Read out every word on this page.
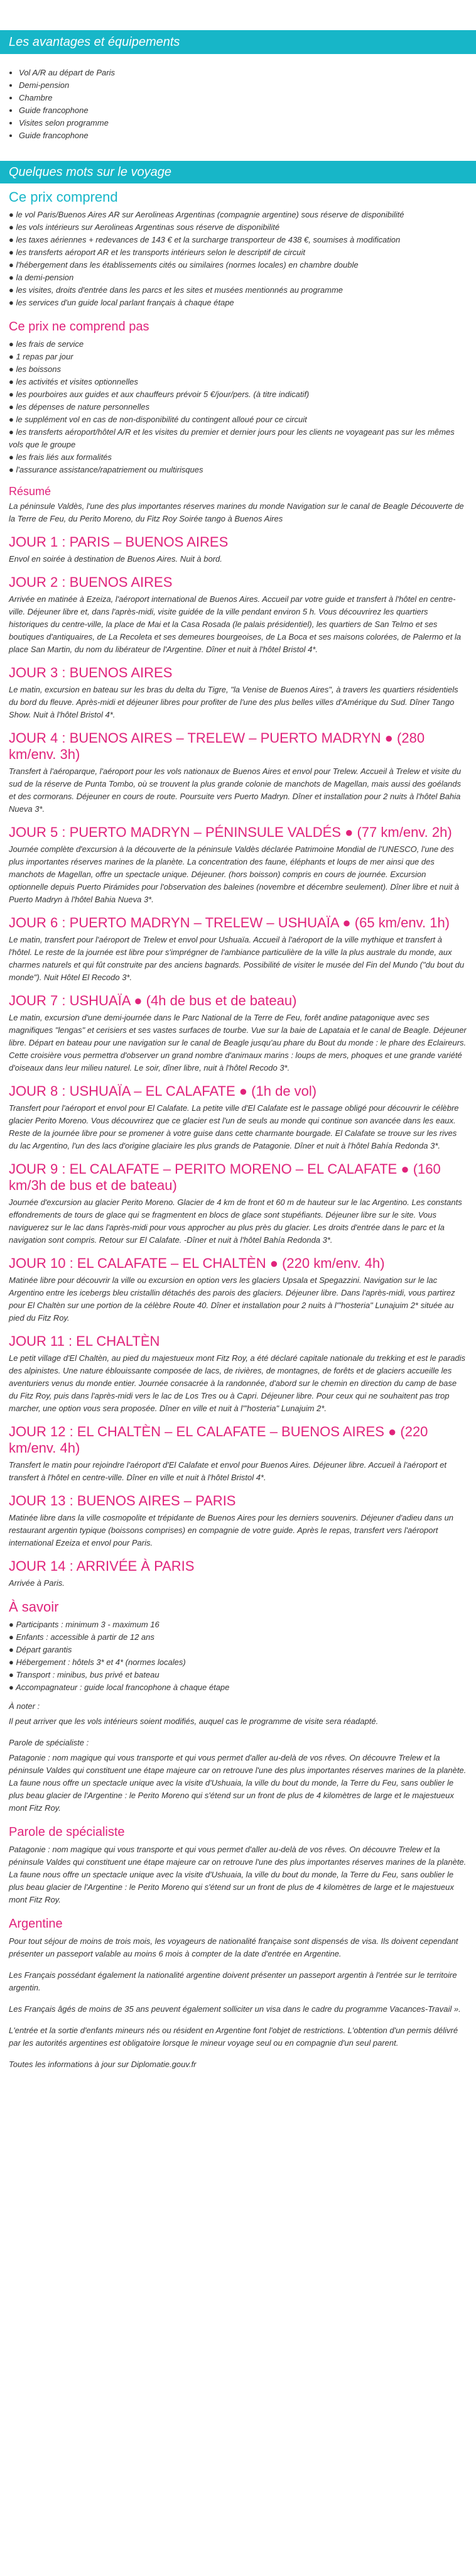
Les avantages et équipements
• Vol A/R au départ de Paris
• Demi-pension
• Chambre
• Guide francophone
• Visites selon programme
• Guide francophone
Quelques mots sur le voyage
Ce prix comprend
● le vol Paris/Buenos Aires AR sur Aerolineas Argentinas (compagnie argentine) sous réserve de disponibilité
● les vols intérieurs sur Aerolineas Argentinas sous réserve de disponibilité
● les taxes aériennes + redevances de 143 € et la surcharge transporteur de 438 €, soumises à modification
● les transferts aéroport AR et les transports intérieurs selon le descriptif de circuit
● l'hébergement dans les établissements cités ou similaires (normes locales) en chambre double
● la demi-pension
● les visites, droits d'entrée dans les parcs et les sites et musées mentionnés au programme
● les services d'un guide local parlant français à chaque étape
Ce prix ne comprend pas
● les frais de service
● 1 repas par jour
● les boissons
● les activités et visites optionnelles
● les pourboires aux guides et aux chauffeurs prévoir 5 €/jour/pers. (à titre indicatif)
● les dépenses de nature personnelles
● le supplément vol en cas de non-disponibilité du contingent alloué pour ce circuit
● les transferts aéroport/hôtel A/R et les visites du premier et dernier jours pour les clients ne voyageant pas sur les mêmes vols que le groupe
● les frais liés aux formalités
● l'assurance assistance/rapatriement ou multirisques
Résumé

La péninsule Valdès, l'une des plus importantes réserves marines du monde Navigation sur le canal de Beagle Découverte de la Terre de Feu, du Perito Moreno, du Fitz Roy Soirée tango à Buenos Aires

JOUR 1 : PARIS – BUENOS AIRES

Envol en soirée à destination de Buenos Aires. Nuit à bord.

JOUR 2 : BUENOS AIRES

Arrivée en matinée à Ezeiza, l'aéroport international de Buenos Aires. Accueil par votre guide et transfert à l'hôtel en centre-ville. Déjeuner libre et, dans l'après-midi, visite guidée de la ville pendant environ 5 h. Vous découvrirez les quartiers historiques du centre-ville, la place de Mai et la Casa Rosada (le palais présidentiel), les quartiers de San Telmo et ses boutiques d'antiquaires, de La Recoleta et ses demeures bourgeoises, de La Boca et ses maisons colorées, de Palermo et la place San Martin, du nom du libérateur de l'Argentine. Dîner et nuit à l'hôtel Bristol 4*.

JOUR 3 : BUENOS AIRES

Le matin, excursion en bateau sur les bras du delta du Tigre, "la Venise de Buenos Aires", à travers les quartiers résidentiels du bord du fleuve. Après-midi et déjeuner libres pour profiter de l'une des plus belles villes d'Amérique du Sud. Dîner Tango Show. Nuit à l'hôtel Bristol 4*.

JOUR 4 : BUENOS AIRES – TRELEW – PUERTO MADRYN ● (280 km/env. 3h)

Transfert à l'aéroparque, l'aéroport pour les vols nationaux de Buenos Aires et envol pour Trelew. Accueil à Trelew et visite du sud de la réserve de Punta Tombo, où se trouvent la plus grande colonie de manchots de Magellan, mais aussi des goélands et des cormorans. Déjeuner en cours de route. Poursuite vers Puerto Madryn. Dîner et installation pour 2 nuits à l'hôtel Bahia Nueva 3*.

JOUR 5 : PUERTO MADRYN – PÉNINSULE VALDÉS ● (77 km/env. 2h)

Journée complète d'excursion à la découverte de la péninsule Valdès déclarée Patrimoine Mondial de l'UNESCO, l'une des plus importantes réserves marines de la planète. La concentration des faune, éléphants et loups de mer ainsi que des manchots de Magellan, offre un spectacle unique. Déjeuner. (hors boisson) compris en cours de journée. Excursion optionnelle depuis Puerto Pirámides pour l'observation des baleines (novembre et décembre seulement). Dîner libre et nuit à Puerto Madryn à l'hôtel Bahia Nueva 3*.

JOUR 6 : PUERTO MADRYN – TRELEW – USHUAÏA ● (65 km/env. 1h)

Le matin, transfert pour l'aéroport de Trelew et envol pour Ushuaïa. Accueil à l'aéroport de la ville mythique et transfert à l'hôtel. Le reste de la journée est libre pour s'imprégner de l'ambiance particulière de la ville la plus australe du monde, aux charmes naturels et qui fût construite par des anciens bagnards. Possibilité de visiter le musée del Fin del Mundo ("du bout du monde"). Nuit Hôtel El Recodo 3*.

JOUR 7 : USHUAÏA ● (4h de bus et de bateau)

Le matin, excursion d'une demi-journée dans le Parc National de la Terre de Feu, forêt andine patagonique avec ses magnifiques "lengas" et cerisiers et ses vastes surfaces de tourbe. Vue sur la baie de Lapataia et le canal de Beagle. Déjeuner libre. Départ en bateau pour une navigation sur le canal de Beagle jusqu'au phare du Bout du monde : le phare des Eclaireurs. Cette croisière vous permettra d'observer un grand nombre d'animaux marins : loups de mers, phoques et une grande variété d'oiseaux dans leur milieu naturel. Le soir, dîner libre, nuit à l'hôtel Recodo 3*.

JOUR 8 : USHUAÏA – EL CALAFATE ● (1h de vol)

Transfert pour l'aéroport et envol pour El Calafate. La petite ville d'El Calafate est le passage obligé pour découvrir le célèbre glacier Perito Moreno. Vous découvrirez que ce glacier est l'un de seuls au monde qui continue son avancée dans les eaux. Reste de la journée libre pour se promener à votre guise dans cette charmante bourgade. El Calafate se trouve sur les rives du lac Argentino, l'un des lacs d'origine glaciaire les plus grands de Patagonie. Dîner et nuit à l'hôtel Bahía Redonda 3*.

JOUR 9 : EL CALAFATE – PERITO MORENO – EL CALAFATE ● (160 km/3h de bus et de bateau)

Journée d'excursion au glacier Perito Moreno. Glacier de 4 km de front et 60 m de hauteur sur le lac Argentino. Les constants effondrements de tours de glace qui se fragmentent en blocs de glace sont stupéfiants. Déjeuner libre sur le site. Vous naviguerez sur le lac dans l'après-midi pour vous approcher au plus près du glacier. Les droits d'entrée dans le parc et la navigation sont compris. Retour sur El Calafate. -Dîner et nuit à l'hôtel Bahía Redonda 3*.

JOUR 10 : EL CALAFATE – EL CHALTÈN ● (220 km/env. 4h)

Matinée libre pour découvrir la ville ou excursion en option vers les glaciers Upsala et Spegazzini. Navigation sur le lac Argentino entre les icebergs bleu cristallin détachés des parois des glaciers. Déjeuner libre. Dans l'après-midi, vous partirez pour El Chaltèn sur une portion de la célèbre Route 40. Dîner et installation pour 2 nuits à l'"hosteria" Lunajuim 2* située au pied du Fitz Roy.

JOUR 11 : EL CHALTÈN

Le petit village d'El Chaltèn, au pied du majestueux mont Fitz Roy, a été déclaré capitale nationale du trekking et est le paradis des alpinistes. Une nature éblouissante composée de lacs, de rivières, de montagnes, de forêts et de glaciers accueille les aventuriers venus du monde entier. Journée consacrée à la randonnée, d'abord sur le chemin en direction du camp de base du Fitz Roy, puis dans l'après-midi vers le lac de Los Tres ou à Capri. Déjeuner libre. Pour ceux qui ne souhaitent pas trop marcher, une option vous sera proposée. Dîner en ville et nuit à l'"hosteria" Lunajuim 2*.

JOUR 12 : EL CHALTÈN – EL CALAFATE – BUENOS AIRES ● (220 km/env. 4h)

Transfert le matin pour rejoindre l'aéroport d'El Calafate et envol pour Buenos Aires. Déjeuner libre. Accueil à l'aéroport et transfert à l'hôtel en centre-ville. Dîner en ville et nuit à l'hôtel Bristol 4*.

JOUR 13 : BUENOS AIRES – PARIS

Matinée libre dans la ville cosmopolite et trépidante de Buenos Aires pour les derniers souvenirs. Déjeuner d'adieu dans un restaurant argentin typique (boissons comprises) en compagnie de votre guide. Après le repas, transfert vers l'aéroport international Ezeiza et envol pour Paris.

JOUR 14 : ARRIVÉE À PARIS

Arrivée à Paris.

À savoir
● Participants : minimum 3 - maximum 16
● Enfants : accessible à partir de 12 ans
● Départ garantis
● Hébergement : hôtels 3* et 4* (normes locales)
● Transport : minibus, bus privé et bateau
● Accompagnateur : guide local francophone à chaque étape

À noter :

Il peut arriver que les vols intérieurs soient modifiés, auquel cas le programme de visite sera réadapté.

Parole de spécialiste :

Patagonie : nom magique qui vous transporte et qui vous permet d'aller au-delà de vos rêves. On découvre Trelew et la péninsule Valdes qui constituent une étape majeure car on retrouve l'une des plus importantes réserves marines de la planète. La faune nous offre un spectacle unique avec la visite d'Ushuaia, la ville du bout du monde, la Terre du Feu, sans oublier le plus beau glacier de l'Argentine : le Perito Moreno qui s'étend sur un front de plus de 4 kilomètres de large et le majestueux mont Fitz Roy.

Parole de spécialiste

Patagonie : nom magique qui vous transporte et qui vous permet d'aller au-delà de vos rêves. On découvre Trelew et la péninsule Valdes qui constituent une étape majeure car on retrouve l'une des plus importantes réserves marines de la planète. La faune nous offre un spectacle unique avec la visite d'Ushuaia, la ville du bout du monde, la Terre du Feu, sans oublier le plus beau glacier de l'Argentine : le Perito Moreno qui s'étend sur un front de plus de 4 kilomètres de large et le majestueux mont Fitz Roy.

Argentine

Pour tout séjour de moins de trois mois, les voyageurs de nationalité française sont dispensés de visa. Ils doivent cependant présenter un passeport valable au moins 6 mois à compter de la date d'entrée en Argentine.

Les Français possédant également la nationalité argentine doivent présenter un passeport argentin à l'entrée sur le territoire argentin.

Les Français âgés de moins de 35 ans peuvent également solliciter un visa dans le cadre du programme Vacances-Travail ».

L'entrée et la sortie d'enfants mineurs nés ou résident en Argentine font l'objet de restrictions. L'obtention d'un permis délivré par les autorités argentines est obligatoire lorsque le mineur voyage seul ou en compagnie d'un seul parent.

Toutes les informations à jour sur Diplomatie.gouv.fr
